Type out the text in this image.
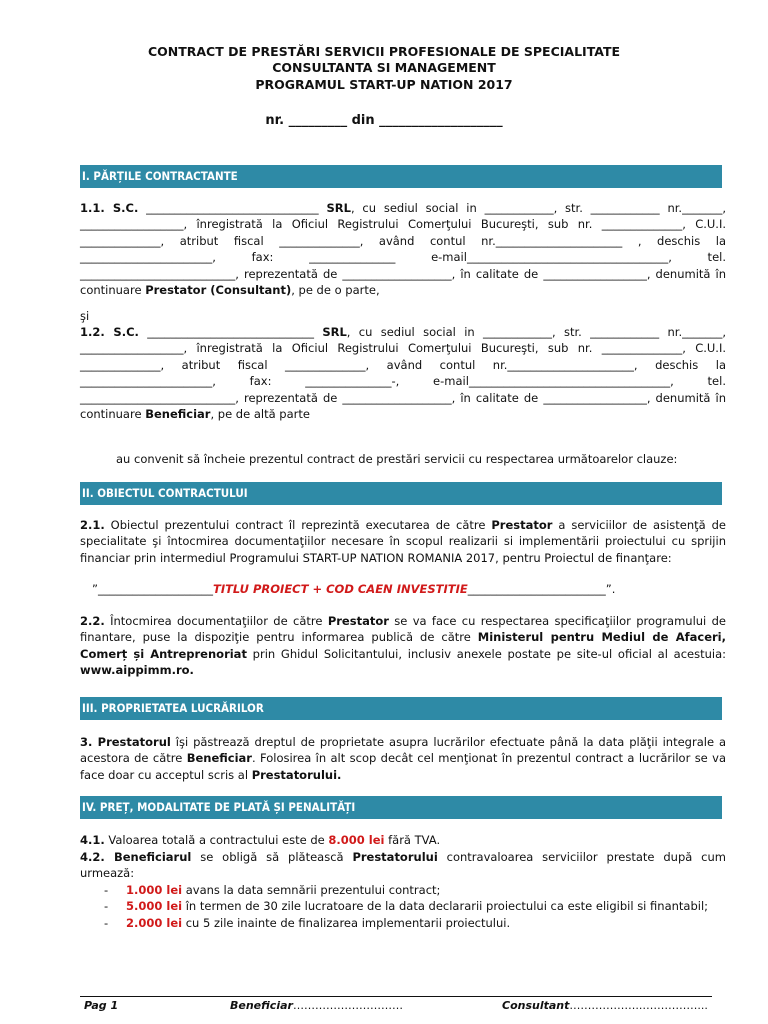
CONTRACT DE PRESTĂRI SERVICII PROFESIONALE DE SPECIALITATE
CONSULTANTA SI MANAGEMENT
PROGRAMUL START-UP NATION 2017
nr. _________ din ___________________
I. PĂRȚILE CONTRACTANTE

1.1. S.C. ______________________________ SRL, cu sediul social in ____________, str. ____________ nr._______, __________________, înregistrată la Oficiul Registrului Comerţului Bucureşti, sub nr. ______________, C.U.I. ______________, atribut fiscal ______________, având contul nr.______________________ , deschis la _______________________, fax: _______________ e-mail___________________________________, tel. ___________________________, reprezentată de ___________________, în calitate de __________________, denumită în continuare Prestator (Consultant), pe de o parte,

şi

1.2. S.C. _____________________________ SRL, cu sediul social in ____________, str. ____________ nr._______, __________________, înregistrată la Oficiul Registrului Comerţului Bucureşti, sub nr. ______________, C.U.I. ______________, atribut fiscal ______________, având contul nr.______________________, deschis la _______________________, fax: _______________-, e-mail___________________________________, tel. ___________________________, reprezentată de ___________________, în calitate de __________________, denumită în continuare Beneficiar, pe de altă parte

au convenit să încheie prezentul contract de prestări servicii cu respectarea următoarelor clauze:

II. OBIECTUL CONTRACTULUI

2.1. Obiectul prezentului contract îl reprezintă executarea de către Prestator a serviciilor de asistenţă de specialitate şi întocmirea documentaţiilor necesare în scopul realizarii si implementării proiectului cu sprijin financiar prin intermediul Programului START-UP NATION ROMANIA 2017, pentru Proiectul de finanţare:

”____________________TITLU PROIECT + COD CAEN INVESTITIE________________________”.

2.2. Întocmirea documentaţiilor de către Prestator se va face cu respectarea specificaţiilor programului de finantare, puse la dispoziţie pentru informarea publică de către Ministerul pentru Mediul de Afaceri, Comerț și Antreprenoriat prin Ghidul Solicitantului, inclusiv anexele postate pe site-ul oficial al acestuia: www.aippimm.ro.

III. PROPRIETATEA LUCRĂRILOR

3. Prestatorul îşi păstrează dreptul de proprietate asupra lucrărilor efectuate până la data plăţii integrale a acestora de către Beneficiar. Folosirea în alt scop decât cel menţionat în prezentul contract a lucrărilor se va face doar cu acceptul scris al Prestatorului.

IV. PREȚ, MODALITATE DE PLATĂ ȘI PENALITĂȚI

4.1. Valoarea totală a contractului este de 8.000 lei fără TVA.

4.2. Beneficiarul se obligă să plătească Prestatorului contravaloarea serviciilor prestate după cum urmează:

- 1.000 lei avans la data semnării prezentului contract;
- 5.000 lei în termen de 30 zile lucratoare de la data declararii proiectului ca este eligibil si finantabil;
- 2.000 lei cu 5 zile inainte de finalizarea implementarii proiectului.
Pag 1	Beneficiar…………………………	Consultant………………..……………...
